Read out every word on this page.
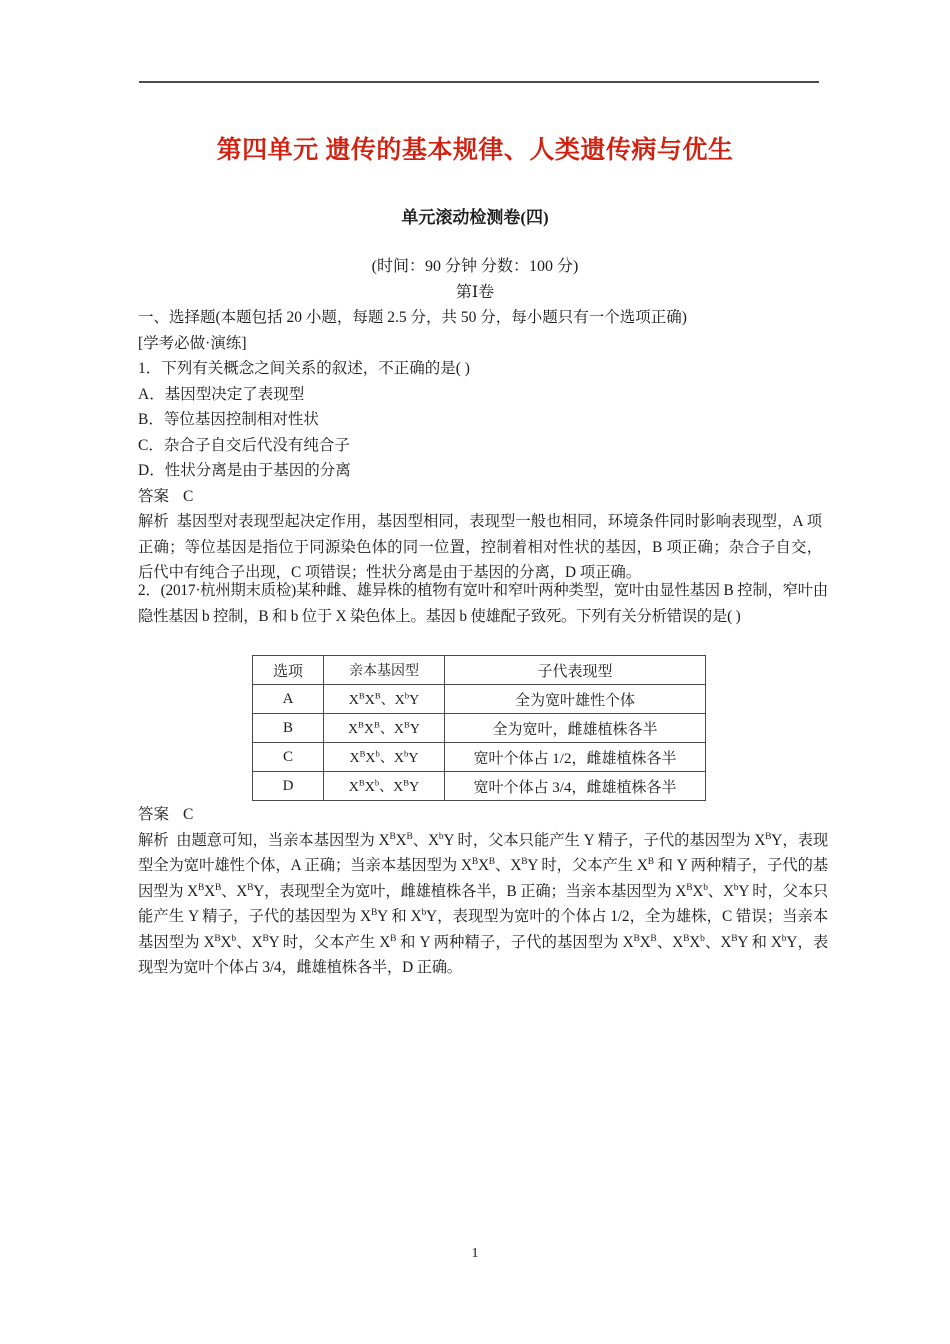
第四单元 遗传的基本规律、人类遗传病与优生
单元滚动检测卷(四)
(时间：90 分钟 分数：100 分)
第Ⅰ卷
一、选择题(本题包括 20 小题，每题 2.5 分，共 50 分，每小题只有一个选项正确)
[学考必做·演练]
1．下列有关概念之间关系的叙述，不正确的是( )
A．基因型决定了表现型
B．等位基因控制相对性状
C．杂合子自交后代没有纯合子
D．性状分离是由于基因的分离
答案 C
解析 基因型对表现型起决定作用，基因型相同，表现型一般也相同，环境条件同时影响表现型，A 项正确；等位基因是指位于同源染色体的同一位置，控制着相对性状的基因，B 项正确；杂合子自交，后代中有纯合子出现，C 项错误；性状分离是由于基因的分离，D 项正确。
2．(2017·杭州期末质检)某种雌、雄异株的植物有宽叶和窄叶两种类型，宽叶由显性基因 B 控制，窄叶由隐性基因 b 控制，B 和 b 位于 X 染色体上。基因 b 使雄配子致死。下列有关分析错误的是( )
选项	亲本基因型	子代表现型
A	$X^BX^B$、$X^bY$	全为宽叶雄性个体
B	$X^BX^B$、$X^BY$	全为宽叶，雌雄植株各半
C	$X^BX^b$、$X^bY$	宽叶个体占 1/2，雌雄植株各半
D	$X^BX^b$、$X^BY$	宽叶个体占 3/4，雌雄植株各半
答案 C
解析 由题意可知，当亲本基因型为 $X^BX^B$、$X^bY$ 时，父本只能产生 Y 精子，子代的基因型为 $X^BY$，表现型全为宽叶雄性个体，A 正确；当亲本基因型为 $X^BX^B$、$X^BY$ 时，父本产生 $X^B$ 和 Y 两种精子，子代的基因型为 $X^BX^B$、$X^BY$，表现型全为宽叶，雌雄植株各半，B 正确；当亲本基因型为 $X^BX^b$、$X^bY$ 时，父本只能产生 Y 精子，子代的基因型为 $X^BY$ 和 $X^bY$，表现型为宽叶的个体占 1/2，全为雄株，C 错误；当亲本基因型为 $X^BX^b$、$X^BY$ 时，父本产生 $X^B$ 和 Y 两种精子，子代的基因型为 $X^BX^B$、$X^BX^b$、$X^BY$ 和 $X^bY$，表现型为宽叶个体占 3/4，雌雄植株各半，D 正确。
1
